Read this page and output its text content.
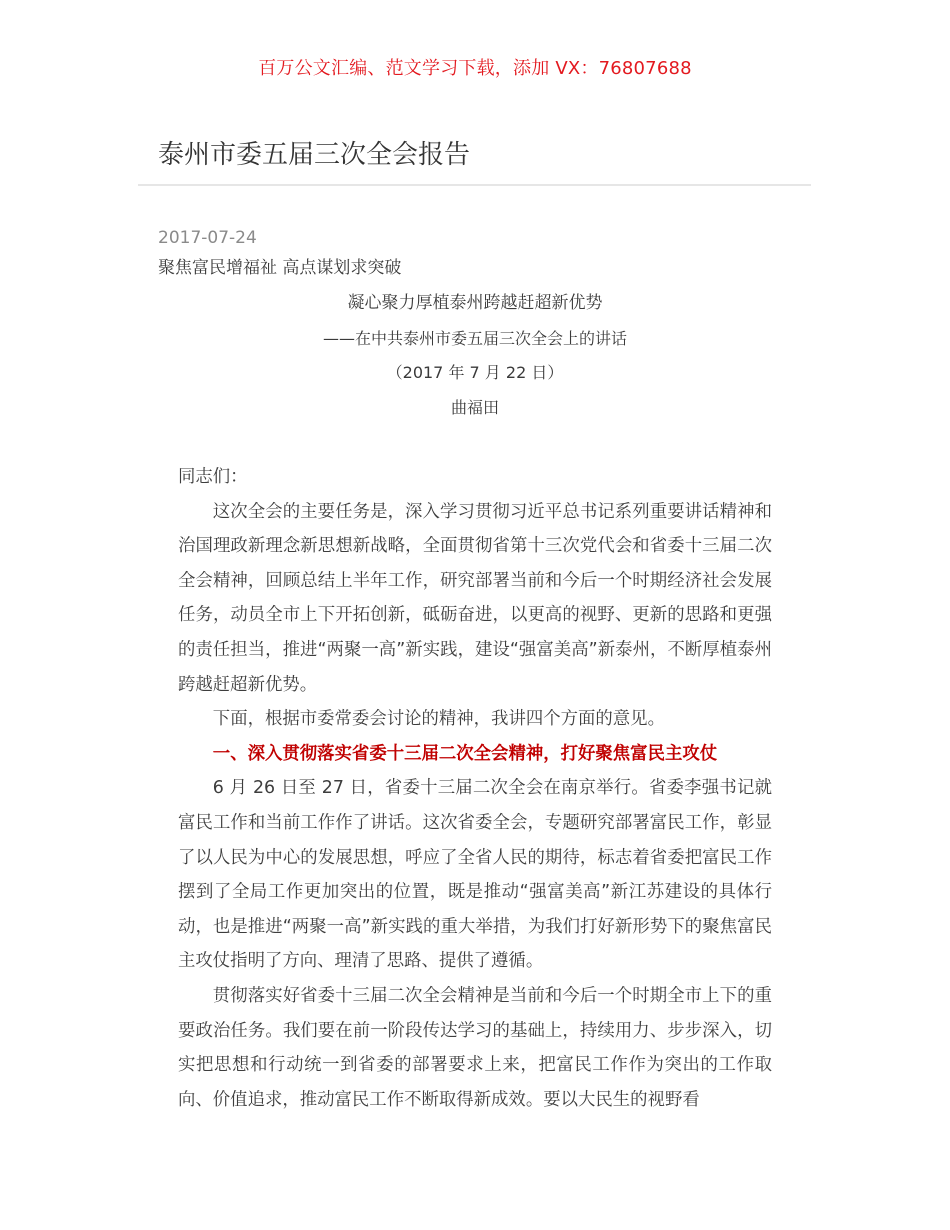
百万公文汇编、范文学习下载，添加 VX：76807688
泰州市委五届三次全会报告
2017-07-24
聚焦富民增福祉 高点谋划求突破
凝心聚力厚植泰州跨越赶超新优势
——在中共泰州市委五届三次全会上的讲话
（2017 年 7 月 22 日）
曲福田

同志们：

这次全会的主要任务是，深入学习贯彻习近平总书记系列重要讲话精神和治国理政新理念新思想新战略，全面贯彻省第十三次党代会和省委十三届二次全会精神，回顾总结上半年工作，研究部署当前和今后一个时期经济社会发展任务，动员全市上下开拓创新，砥砺奋进，以更高的视野、更新的思路和更强的责任担当，推进“两聚一高”新实践，建设“强富美高”新泰州，不断厚植泰州跨越赶超新优势。

下面，根据市委常委会讨论的精神，我讲四个方面的意见。

一、深入贯彻落实省委十三届二次全会精神，打好聚焦富民主攻仗

6 月 26 日至 27 日，省委十三届二次全会在南京举行。省委李强书记就富民工作和当前工作作了讲话。这次省委全会，专题研究部署富民工作，彰显了以人民为中心的发展思想，呼应了全省人民的期待，标志着省委把富民工作摆到了全局工作更加突出的位置，既是推动“强富美高”新江苏建设的具体行动，也是推进“两聚一高”新实践的重大举措，为我们打好新形势下的聚焦富民主攻仗指明了方向、理清了思路、提供了遵循。

贯彻落实好省委十三届二次全会精神是当前和今后一个时期全市上下的重要政治任务。我们要在前一阶段传达学习的基础上，持续用力、步步深入，切实把思想和行动统一到省委的部署要求上来，把富民工作作为突出的工作取向、价值追求，推动富民工作不断取得新成效。要以大民生的视野看
